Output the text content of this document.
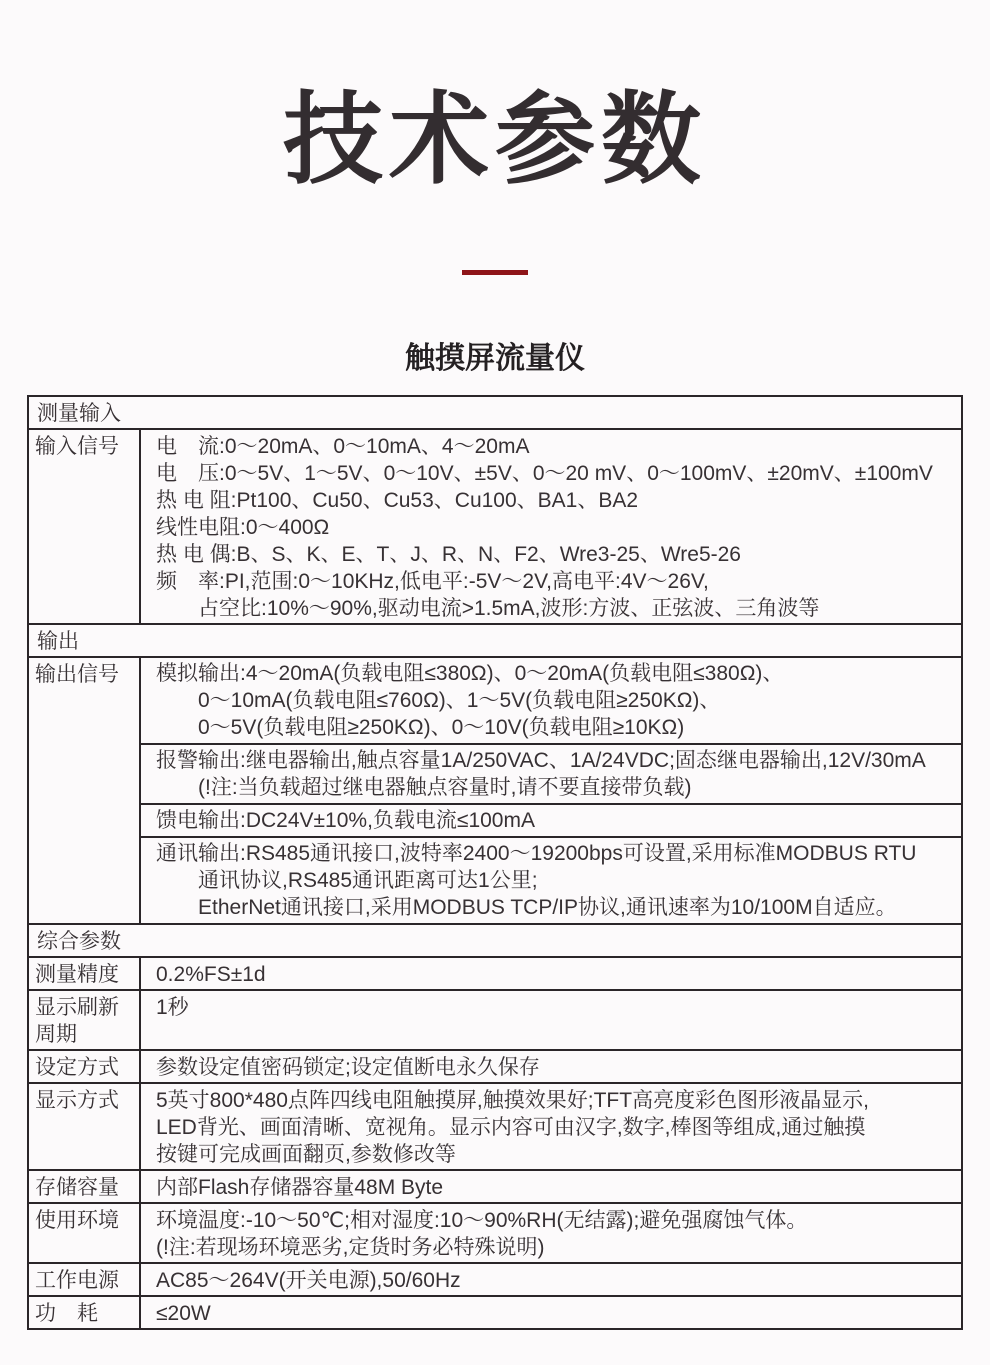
技术参数
触摸屏流量仪
测量输入	
输入信号	电　流:0～20mA、0～10mA、4～20mA
电　压:0～5V、1～5V、0～10V、±5V、0～20 mV、0～100mV、±20mV、±100mV
热 电 阻:Pt100、Cu50、Cu53、Cu100、BA1、BA2
线性电阻:0～400Ω
热 电 偶:B、S、K、E、T、J、R、N、F2、Wre3-25、Wre5-26
频　率:PI,范围:0～10KHz,低电平:-5V～2V,高电平:4V～26V,
　　占空比:10%～90%,驱动电流>1.5mA,波形:方波、正弦波、三角波等

输出	
输出信号	模拟输出:4～20mA(负载电阻≤380Ω)、0～20mA(负载电阻≤380Ω)、
　　0～10mA(负载电阻≤760Ω)、1～5V(负载电阻≥250KΩ)、
　　0～5V(负载电阻≥250KΩ)、0～10V(负载电阻≥10KΩ)
报警输出:继电器输出,触点容量1A/250VAC、1A/24VDC;固态继电器输出,12V/30mA
　　(!注:当负载超过继电器触点容量时,请不要直接带负载)
馈电输出:DC24V±10%,负载电流≤100mA
通讯输出:RS485通讯接口,波特率2400～19200bps可设置,采用标准MODBUS RTU
　　通讯协议,RS485通讯距离可达1公里;
　　EtherNet通讯接口,采用MODBUS TCP/IP协议,通讯速率为10/100M自适应。

综合参数	
测量精度	0.2%FS±1d

显示刷新周期	1秒

设定方式	参数设定值密码锁定;设定值断电永久保存

显示方式	5英寸800*480点阵四线电阻触摸屏,触摸效果好;TFT高亮度彩色图形液晶显示,
LED背光、画面清晰、宽视角。显示内容可由汉字,数字,棒图等组成,通过触摸
按键可完成画面翻页,参数修改等

存储容量	内部Flash存储器容量48M Byte

使用环境	环境温度:-10～50℃;相对湿度:10～90%RH(无结露);避免强腐蚀气体。
(!注:若现场环境恶劣,定货时务必特殊说明)

工作电源	AC85～264V(开关电源),50/60Hz

功　耗	≤20W
